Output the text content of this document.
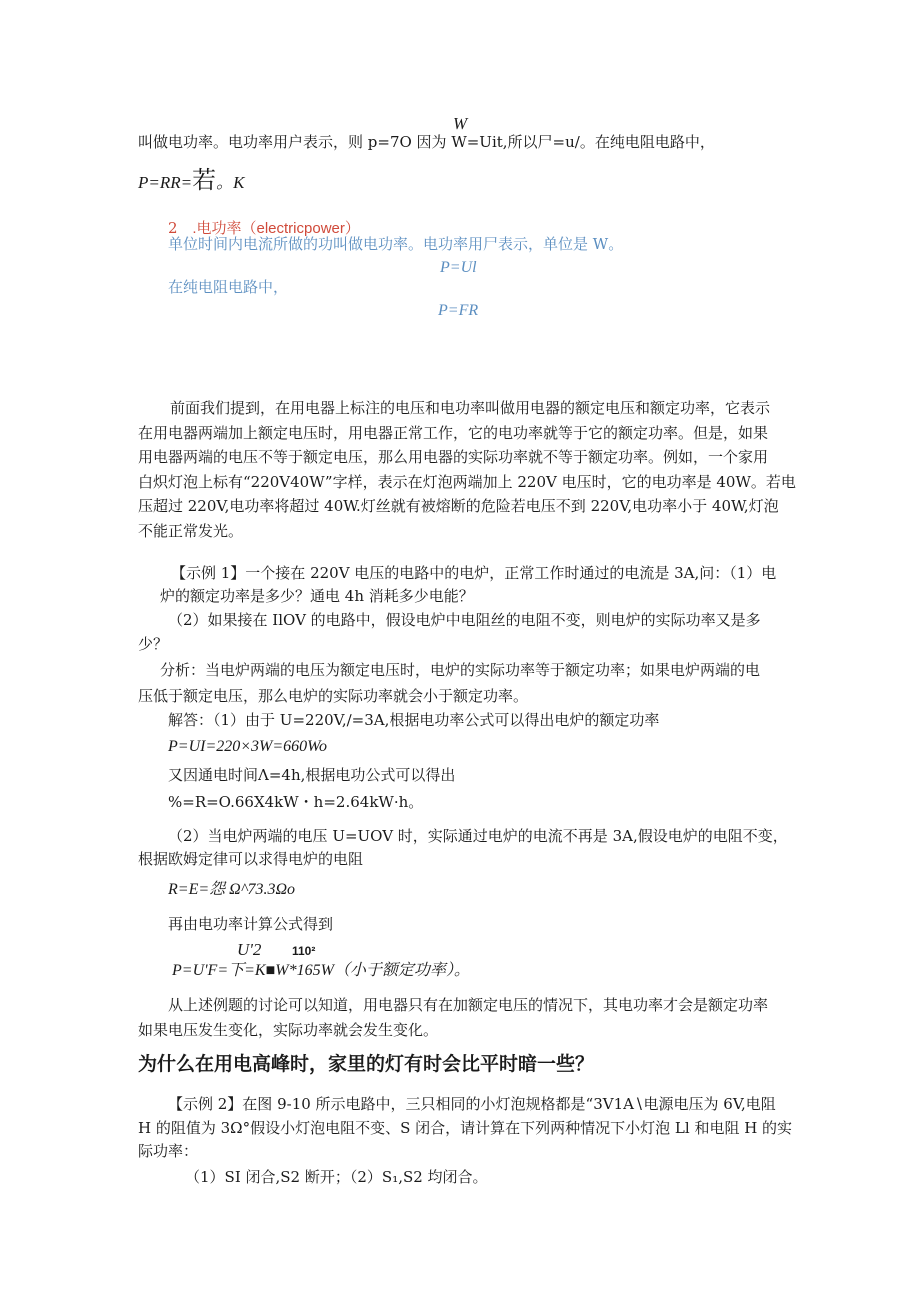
W
叫做电功率。电功率用户表示，则 p=7O 因为 W=Uit,所以尸=u/。在纯电阻电路中，
P=RR=若。K
2 .电功率（electricpower）
单位时间内电流所做的功叫做电功率。电功率用尸表示，单位是 W。
P=Ul
在纯电阻电路中，
P=FR
前面我们提到，在用电器上标注的电压和电功率叫做用电器的额定电压和额定功率，它表示
在用电器两端加上额定电压时，用电器正常工作，它的电功率就等于它的额定功率。但是，如果
用电器两端的电压不等于额定电压，那么用电器的实际功率就不等于额定功率。例如，一个家用
白炽灯泡上标有“220V40W”字样，表示在灯泡两端加上 220V 电压时，它的电功率是 40W。若电
压超过 220V,电功率将超过 40W.灯丝就有被熔断的危险若电压不到 220V,电功率小于 40W,灯泡
不能正常发光。
【示例 1】一个接在 220V 电压的电路中的电炉，正常工作时通过的电流是 3A,问：（1）电
炉的额定功率是多少？通电 4h 消耗多少电能？
（2）如果接在 IlOV 的电路中，假设电炉中电阻丝的电阻不变，则电炉的实际功率又是多
少？
分析：当电炉两端的电压为额定电压时，电炉的实际功率等于额定功率；如果电炉两端的电
压低于额定电压，那么电炉的实际功率就会小于额定功率。
解答：（1）由于 U=220V,∕=3A,根据电功率公式可以得出电炉的额定功率
P=UI=220×3W=660Wo
又因通电时间Λ=4h,根据电功公式可以得出
%=R=O.66X4kW・h=2.64kW·h。
（2）当电炉两端的电压 U=UOV 时，实际通过电炉的电流不再是 3A,假设电炉的电阻不变，
根据欧姆定律可以求得电炉的电阻
R=E=怨 Ω^73.3Ωo
再由电功率计算公式得到
U'2	110²
P=U'F=下=K■W*165W（小于额定功率）。
从上述例题的讨论可以知道，用电器只有在加额定电压的情况下，其电功率才会是额定功率
如果电压发生变化，实际功率就会发生变化。
为什么在用电高峰时，家里的灯有时会比平时暗一些？
【示例 2】在图 9-10 所示电路中，三只相同的小灯泡规格都是“3V1A∖电源电压为 6V,电阻
H 的阻值为 3Ω°假设小灯泡电阻不变、S 闭合，请计算在下列两种情况下小灯泡 Ll 和电阻 H 的实
际功率：
（1）SI 闭合,S2 断开；（2）S₁,S2 均闭合。
